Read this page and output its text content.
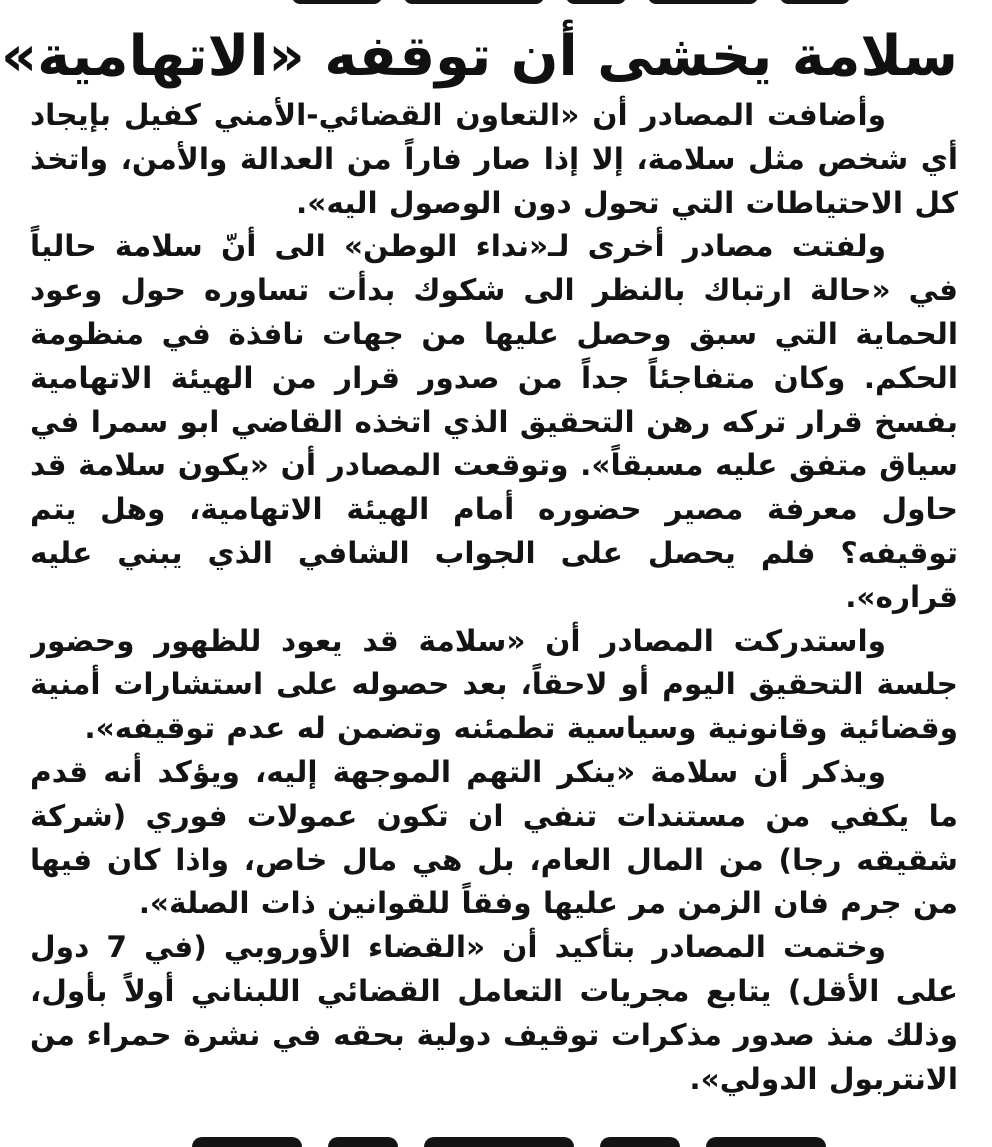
سلامة يخشى أن توقفه «الاتهامية»

وأضافت المصادر أن «التعاون القضائي-الأمني كفيل بإيجاد أي شخص مثل سلامة، إلا إذا صار فاراً من العدالة والأمن، واتخذ كل الاحتياطات التي تحول دون الوصول اليه».

ولفتت مصادر أخرى لـ«نداء الوطن» الى أنّ سلامة حالياً في «حالة ارتباك بالنظر الى شكوك بدأت تساوره حول وعود الحماية التي سبق وحصل عليها من جهات نافذة في منظومة الحكم. وكان متفاجئاً جداً من صدور قرار من الهيئة الاتهامية بفسخ قرار تركه رهن التحقيق الذي اتخذه القاضي ابو سمرا في سياق متفق عليه مسبقاً». وتوقعت المصادر أن «يكون سلامة قد حاول معرفة مصير حضوره أمام الهيئة الاتهامية، وهل يتم توقيفه؟ فلم يحصل على الجواب الشافي الذي يبني عليه قراره».

واستدركت المصادر أن «سلامة قد يعود للظهور وحضور جلسة التحقيق اليوم أو لاحقاً، بعد حصوله على استشارات أمنية وقضائية وقانونية وسياسية تطمئنه وتضمن له عدم توقيفه».

ويذكر أن سلامة «ينكر التهم الموجهة إليه، ويؤكد أنه قدم ما يكفي من مستندات تنفي ان تكون عمولات فوري (شركة شقيقه رجا) من المال العام، بل هي مال خاص، واذا كان فيها من جرم فان الزمن مر عليها وفقاً للقوانين ذات الصلة».

وختمت المصادر بتأكيد أن «القضاء الأوروبي (في 7 دول على الأقل) يتابع مجريات التعامل القضائي اللبناني أولاً بأول، وذلك منذ صدور مذكرات توقيف دولية بحقه في نشرة حمراء من الانتربول الدولي».
